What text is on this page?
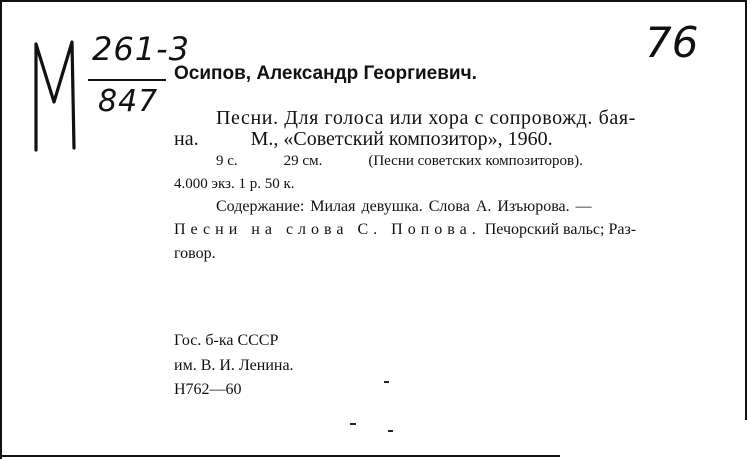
261-3
847
76
Осипов, Александр Георгиевич.
Песни. Для голоса или хора с сопровожд. бая-
на.	М., «Советский композитор», 1960.
9 с.	29 см.	(Песни советских композиторов).
4.000 экз. 1 р. 50 к.
Содержание: Милая девушка. Слова А. Изъюрова. —
Песни на слова С. Попова. Печорский вальс; Раз-
говор.
Гос. б-ка СССР
им. В. И. Ленина.
Н762—60
